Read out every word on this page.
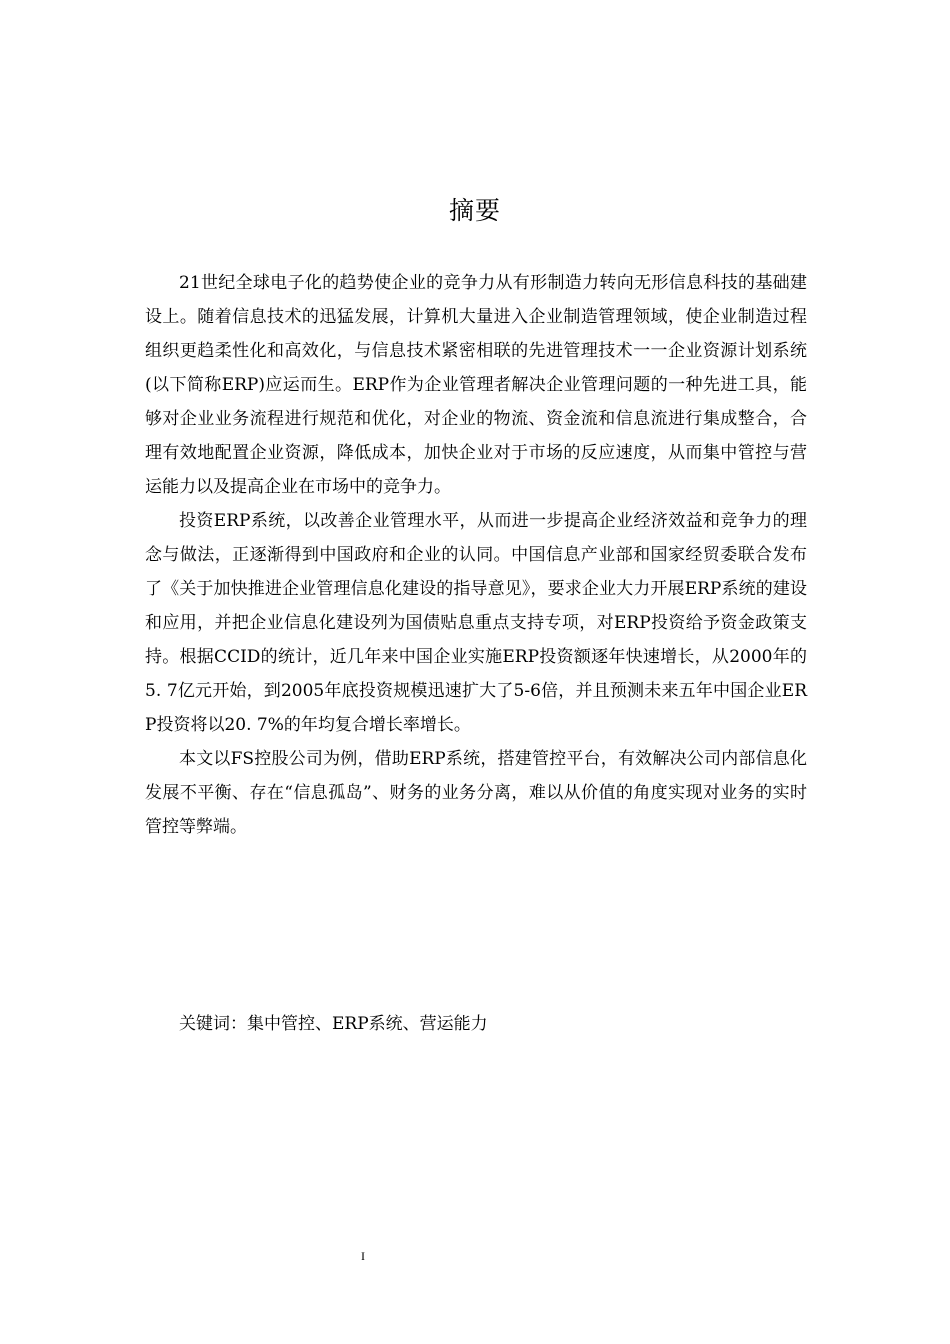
摘要

21世纪全球电子化的趋势使企业的竞争力从有形制造力转向无形信息科技的基础建设上。随着信息技术的迅猛发展，计算机大量进入企业制造管理领域，使企业制造过程组织更趋柔性化和高效化，与信息技术紧密相联的先进管理技术一一企业资源计划系统(以下简称ERP)应运而生。ERP作为企业管理者解决企业管理问题的一种先进工具，能够对企业业务流程进行规范和优化，对企业的物流、资金流和信息流进行集成整合，合理有效地配置企业资源，降低成本，加快企业对于市场的反应速度，从而集中管控与营运能力以及提高企业在市场中的竞争力。

投资ERP系统，以改善企业管理水平，从而进一步提高企业经济效益和竞争力的理念与做法，正逐渐得到中国政府和企业的认同。中国信息产业部和国家经贸委联合发布了《关于加快推进企业管理信息化建设的指导意见》，要求企业大力开展ERP系统的建设和应用，并把企业信息化建设列为国债贴息重点支持专项，对ERP投资给予资金政策支持。根据CCID的统计，近几年来中国企业实施ERP投资额逐年快速增长，从2000年的5. 7亿元开始，到2005年底投资规模迅速扩大了5-6倍，并且预测未来五年中国企业ERP投资将以20. 7%的年均复合增长率增长。

本文以FS控股公司为例，借助ERP系统，搭建管控平台，有效解决公司内部信息化发展不平衡、存在“信息孤岛”、财务的业务分离，难以从价值的角度实现对业务的实时管控等弊端。

关键词：集中管控、ERP系统、营运能力
I
